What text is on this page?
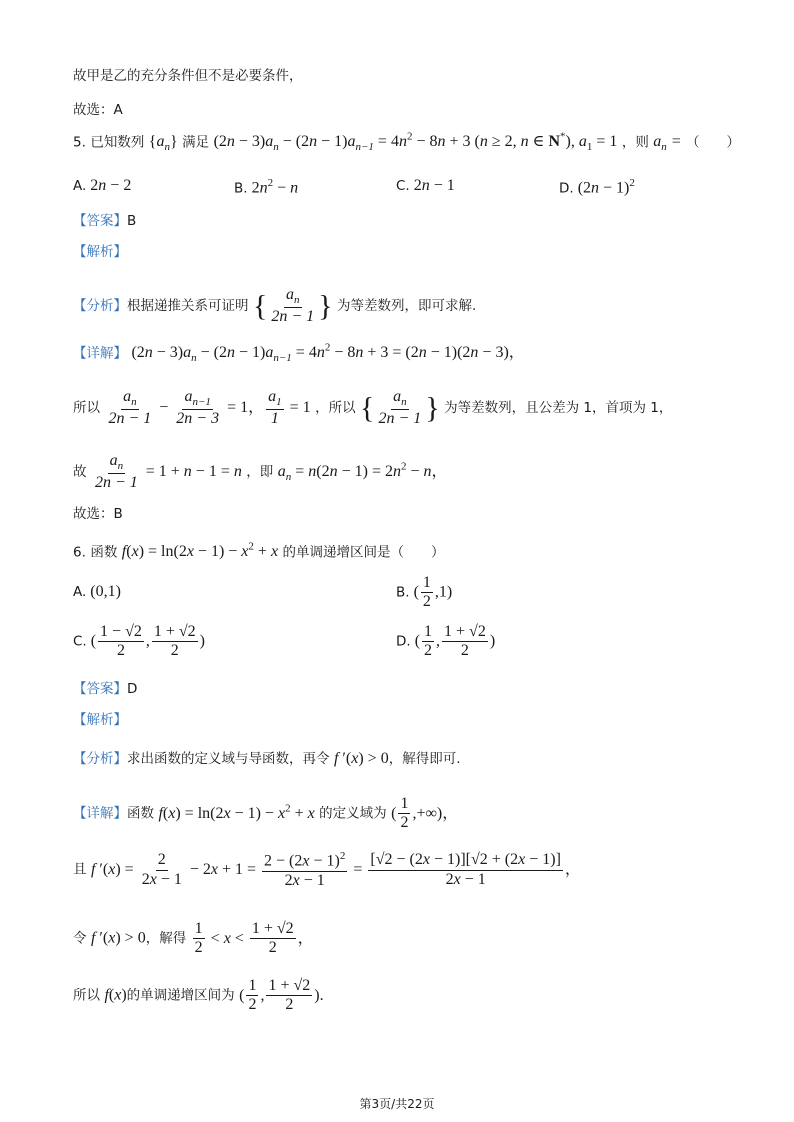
故甲是乙的充分条件但不是必要条件，
故选：A
5. 已知数列 $\{a_n\}$ 满足 $(2n - 3)a_n - (2n - 1)a_{n-1} = 4n^2 - 8n + 3$ (n ≥ 2, n ∈ N*), $a_1 = 1$ ，则 $a_n$ = （　　）
A. 2n − 2	B. $2n^2 - n$	C. 2n − 1	D. $(2n - 1)^2$
【答案】B
【解析】
【分析】根据递推关系可证明 { $\frac{a_n}{2n - 1}$ } 为等差数列，即可求解.
【详解】 $(2n - 3)a_n - (2n - 1)a_{n-1} = 4n^2 - 8n + 3 = (2n - 1)(2n - 3)$，
所以 $\frac{a_n}{2n - 1} - \frac{a_{n-1}}{2n - 3} = 1$， $\frac{a_1}{1} = 1$ ，所以 { $\frac{a_n}{2n - 1}$ } 为等差数列，且公差为 1，首项为 1，
故 $\frac{a_n}{2n - 1} = 1 + n - 1 = n$ ，即 $a_n = n(2n - 1) = 2n^2 - n$，
故选：B
6. 函数 $f(x) = \ln(2x - 1) - x^2 + x$ 的单调递增区间是（　　）
A. (0,1)	B. ( $\frac{1}{2} ,1$)
C. ( $\frac{1 - √2}{2}$ , $\frac{1 + √2}{2}$ )	D. ( $\frac{1}{2}$ , $\frac{1 + √2}{2}$ )
【答案】D
【解析】
【分析】求出函数的定义域与导函数，再令 f ′(x) > 0，解得即可.
【详解】函数 $f(x) = \ln(2x - 1) - x^2 + x$ 的定义域为 ( $\frac{1}{2}$ ,+∞)，
且 f $'(x) = \frac{2}{2x - 1} - 2x + 1 = \frac{2 - (2x - 1)^2}{2x - 1} = \frac{[√2 - (2x - 1)][√2 + (2x - 1)]}{2x - 1}$ ，
令 f ′(x) > 0，解得 $\frac{1}{2} < x < \frac{1 + √2}{2}$ ，
所以 f(x)的单调递增区间为 ( $\frac{1}{2}$ , $\frac{1 + √2}{2}$ ).
第3页/共22页
